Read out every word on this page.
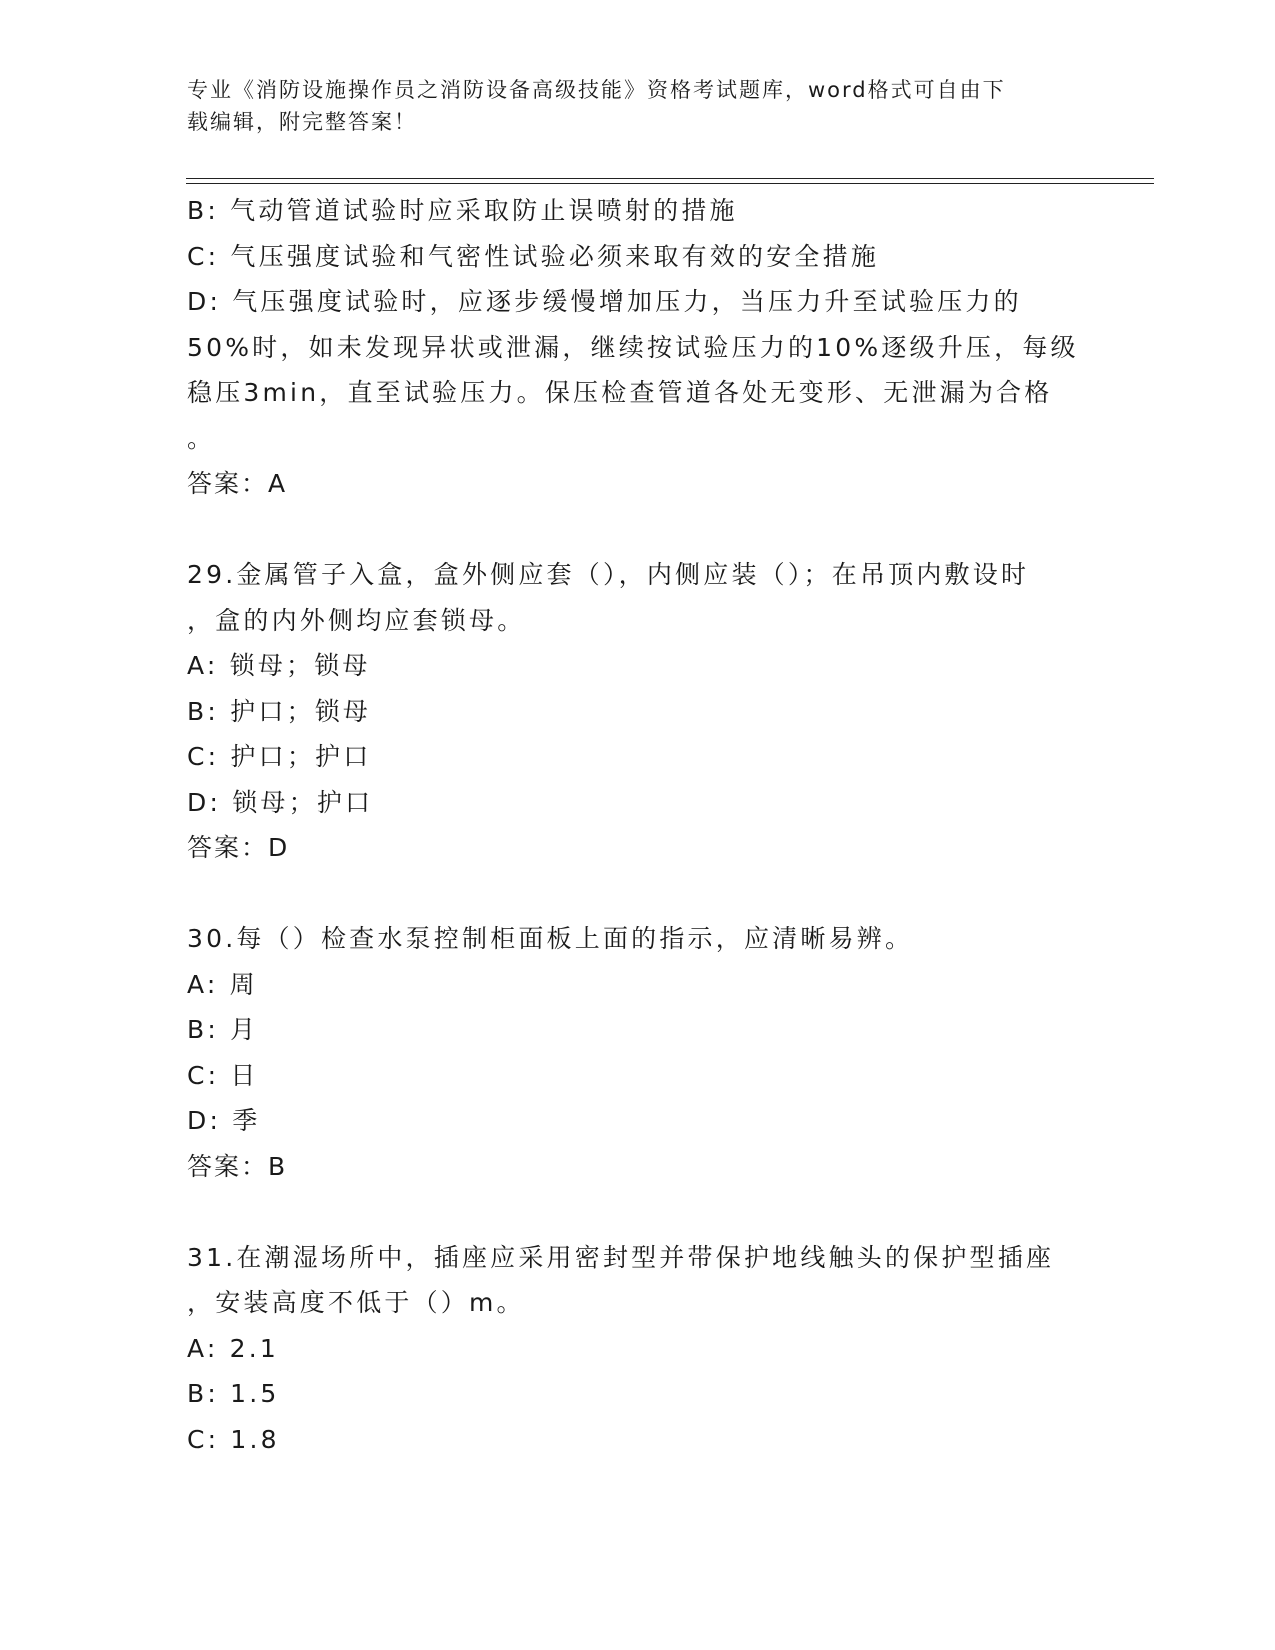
专业《消防设施操作员之消防设备高级技能》资格考试题库，word格式可自由下
载编辑，附完整答案！
B: 气动管道试验时应采取防止误喷射的措施
C: 气压强度试验和气密性试验必须来取有效的安全措施
D: 气压强度试验时，应逐步缓慢增加压力，当压力升至试验压力的
50%时，如未发现异状或泄漏，继续按试验压力的10%逐级升压，每级
稳压3min，直至试验压力。保压检查管道各处无变形、无泄漏为合格
。
答案：A
29.金属管子入盒，盒外侧应套（），内侧应装（）；在吊顶内敷设时
，盒的内外侧均应套锁母。
A: 锁母；锁母
B: 护口；锁母
C: 护口；护口
D: 锁母；护口
答案：D
30.每（）检查水泵控制柜面板上面的指示，应清晰易辨。
A: 周
B: 月
C: 日
D: 季
答案：B
31.在潮湿场所中，插座应采用密封型并带保护地线触头的保护型插座
，安装高度不低于（）m。
A: 2.1
B: 1.5
C: 1.8
